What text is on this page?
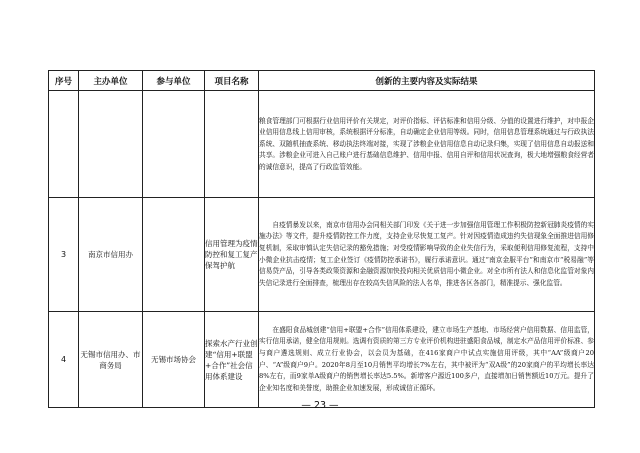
序号	主办单位	参与单位	项目名称	创新的主要内容及实际结果

				粮食管理部门可根据行业信用评价有关规定，对评价指标、评估标准和信用分级、分值的设置进行维护，对申报企业信用信息线上信用审核，系统根据评分标准，自动确定企业信用等级。同时，信用信息管理系统通过与行政执法系统、双随机抽查系统、移动执法终端对接，实现了涉粮企业信用信息自动记录归集，实现了信用信息自动报送和共享。涉粮企业可进入自己账户进行基础信息维护、信用申报、信用自评和信用状况查询，极大地增强粮食经营者的诚信意识，提高了行政监管效能。

3	南京市信用办		信用管理为疫情防控和复工复产保驾护航	自疫情暴发以来，南京市信用办会同相关部门印发《关于进一步加强信用管理工作积极防控新冠肺炎疫情的实施办法》等文件，提升疫情防控工作力度，支持企业尽快复工复产。针对因疫情造成违约失信现象全面推进信用修复机制，采取审慎认定失信记录的豁免措施；对受疫情影响导致的企业失信行为，采取便利信用修复流程，支持中小微企业抗击疫情；复工企业签订《疫情防控承诺书》，履行承诺意识。通过“南京金服平台”和南京市“税易融”等信易贷产品，引导各类政策资源和金融资源加快投向相关优质信用小微企业。对全市所有法人和信息化监管对象内失信记录进行全面排查，梳理出存在较高失信风险的法人名单，推进各区各部门，精准提示、强化监管。

4	无锡市信用办、市商务局	无锡市场协会	探索水产行业创建“信用+联盟+合作”社会信用体系建设	在盛阳食品城创建“信用+联盟+合作”信用体系建设，建立市场生产基地、市场经营户信用数据、信用监管，实行信用承诺，健全信用规则。选调有资质的第三方专业评价机构进驻盛阳食品城，制定水产品信用评价标准、参与商户遴选规则、成立行业协会，以会员为基础，在416家商户中试点实施信用评级，其中“AA”级商户20户、“A”级商户9户。2020年8月至10月销售平均增长7%左右，其中被评为“双A级”的20家商户的平均增长率达8%左右，而9家单A级商户的销售增长率达5.5%。新增客户源近100多户，直接增加日销售额近10万元。提升了企业知名度和美誉度，助推企业加速发展，形成诚信正循环。

— 23 —
